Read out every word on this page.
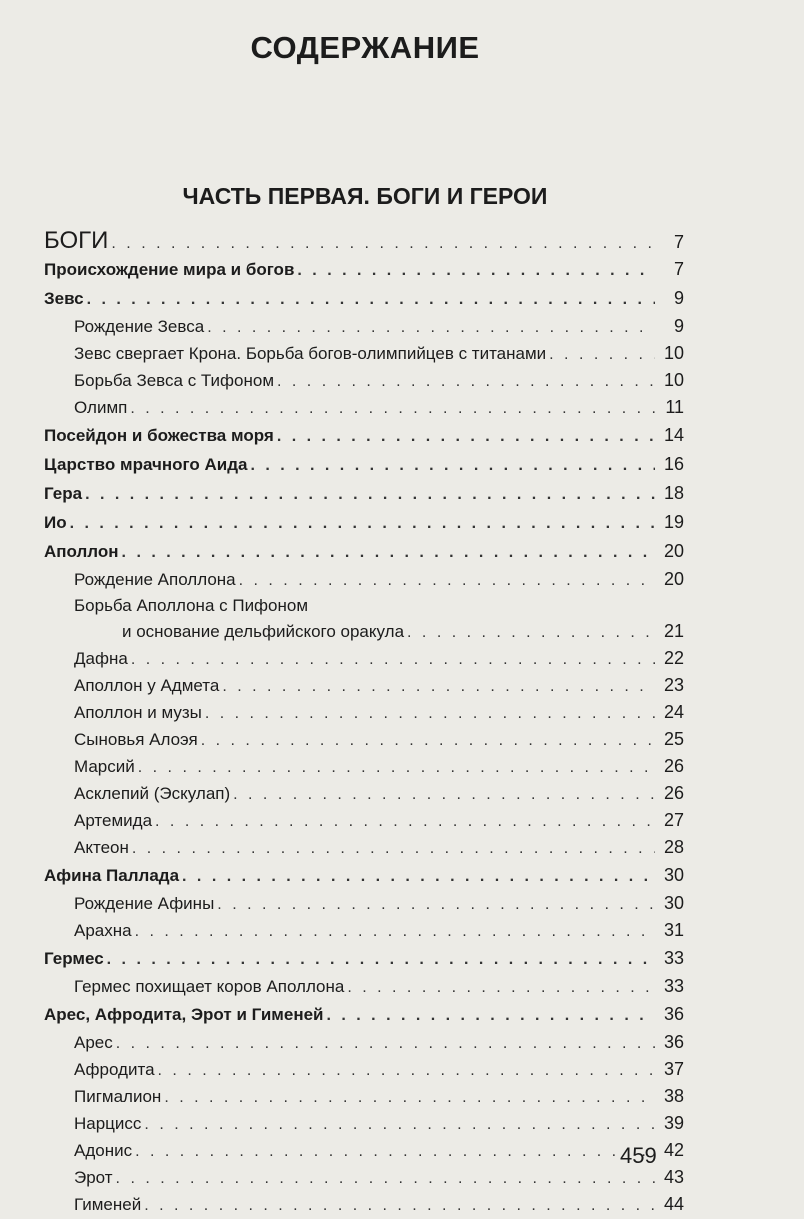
СОДЕРЖАНИЕ
ЧАСТЬ ПЕРВАЯ. БОГИ И ГЕРОИ
БОГИ . . .	7
Происхождение мира и богов . . .	7
Зевс . . .	9
Рождение Зевса . . .	9
Зевс свергает Крона. Борьба богов-олимпийцев с титанами . . .	10
Борьба Зевса с Тифоном . . .	10
Олимп . . .	11
Посейдон и божества моря . . .	14
Царство мрачного Аида . . .	16
Гера . . .	18
Ио . . .	19
Аполлон . . .	20
Рождение Аполлона . . .	20
Борьба Аполлона с Пифоном
и основание дельфийского оракула . . .	21
Дафна . . .	22
Аполлон у Адмета . . .	23
Аполлон и музы . . .	24
Сыновья Алоэя . . .	25
Марсий . . .	26
Асклепий (Эскулап) . . .	26
Артемида . . .	27
Актеон . . .	28
Афина Паллада . . .	30
Рождение Афины . . .	30
Арахна . . .	31
Гермес . . .	33
Гермес похищает коров Аполлона . . .	33
Арес, Афродита, Эрот и Гименей . . .	36
Арес . . .	36
Афродита . . .	37
Пигмалион . . .	38
Нарцисс . . .	39
Адонис . . .	42
Эрот . . .	43
Гименей . . .	44
459
